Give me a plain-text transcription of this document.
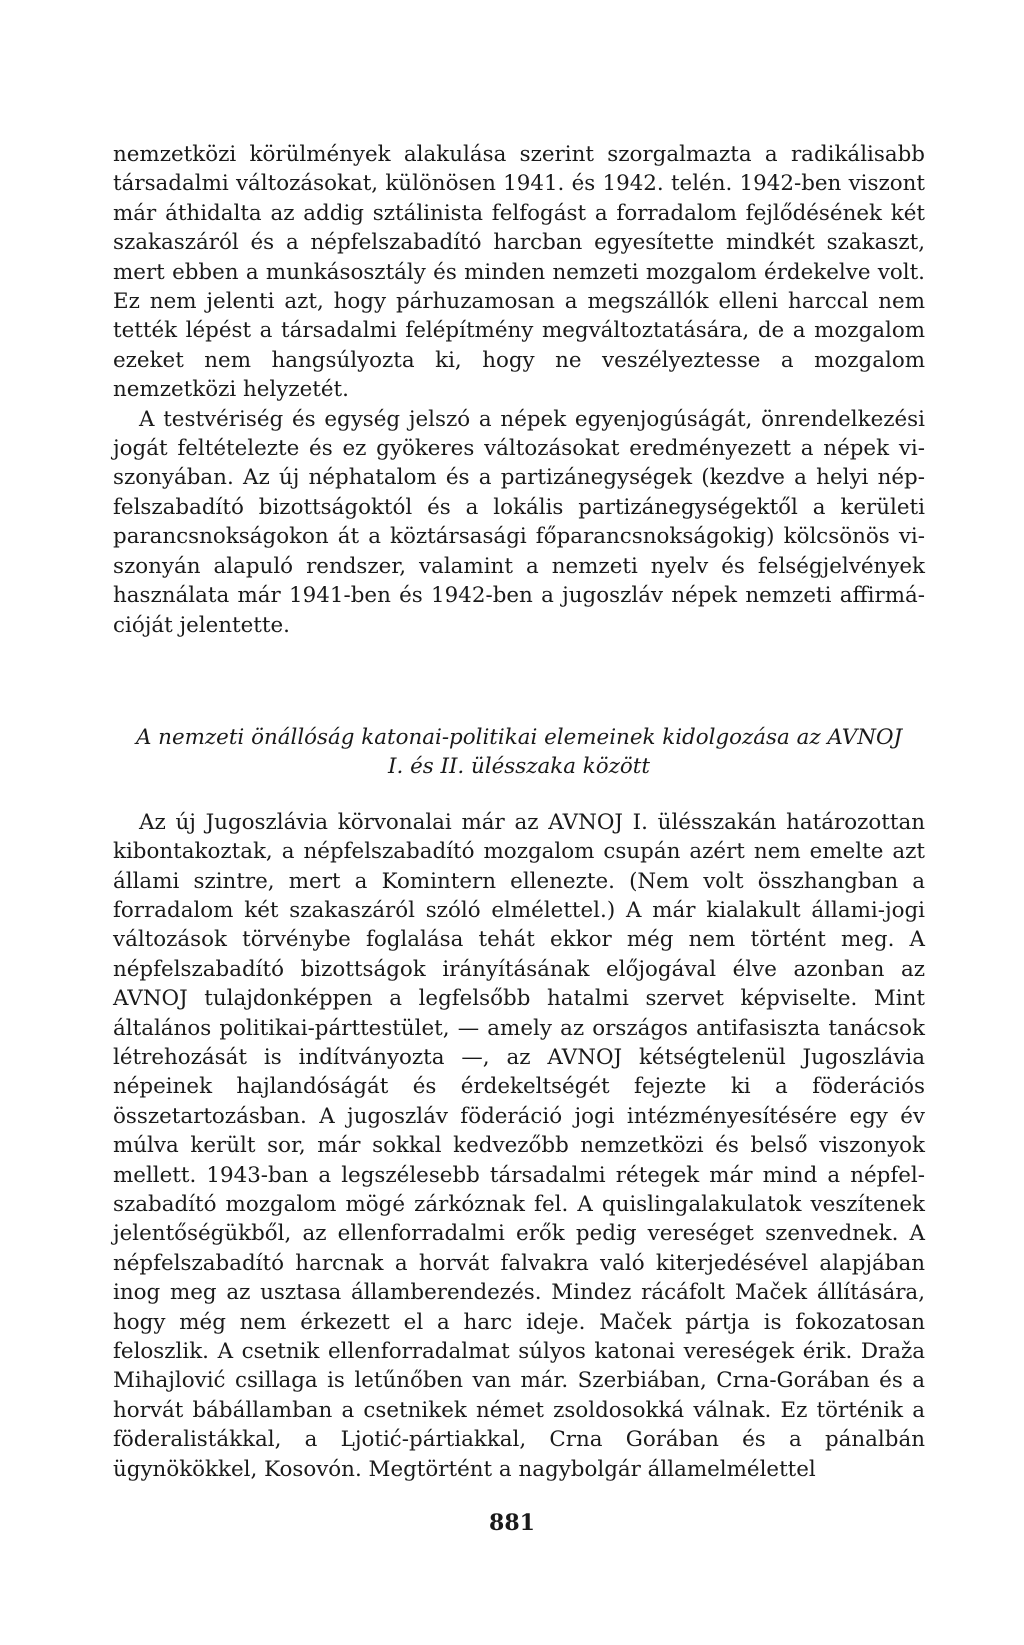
nemzetközi körülmények alakulása szerint szorgalmazta a radikálisabb társadalmi változásokat, különösen 1941. és 1942. telén. 1942-ben viszont már áthidalta az addig sztálinista felfogást a forradalom fejlődésének két szakaszáról és a népfelszabadító harcban egyesítette mindkét szakaszt, mert ebben a munkásosztály és minden nemzeti mozgalom érdekelve volt. Ez nem jelenti azt, hogy párhuzamosan a megszállók elleni harccal nem tették lépést a társadalmi felépítmény megváltoztatására, de a mozgalom ezeket nem hangsúlyozta ki, hogy ne veszélyeztesse a mozgalom nemzetközi helyzetét.

A testvériség és egység jelszó a népek egyenjogúságát, önrendelkezési jogát feltételezte és ez gyökeres változásokat eredményezett a népek viszonyában. Az új néphatalom és a partizánegységek (kezdve a helyi népfelszabadító bizottságoktól és a lokális partizánegységektől a kerületi parancsnokságokon át a köztársasági főparancsnokságokig) kölcsönös viszonyán alapuló rendszer, valamint a nemzeti nyelv és felségjelvények használata már 1941-ben és 1942-ben a jugoszláv népek nemzeti affirmációját jelentette.

A nemzeti önállóság katonai-politikai elemeinek kidolgozása az AVNOJ
I. és II. ülésszaka között

Az új Jugoszlávia körvonalai már az AVNOJ I. ülésszakán határozottan kibontakoztak, a népfelszabadító mozgalom csupán azért nem emelte azt állami szintre, mert a Komintern ellenezte. (Nem volt összhangban a forradalom két szakaszáról szóló elmélettel.) A már kialakult állami-jogi változások törvénybe foglalása tehát ekkor még nem történt meg. A népfelszabadító bizottságok irányításának előjogával élve azonban az AVNOJ tulajdonképpen a legfelsőbb hatalmi szervet képviselte. Mint általános politikai-párttestület, — amely az országos antifasiszta tanácsok létrehozását is indítványozta —, az AVNOJ kétségtelenül Jugoszlávia népeinek hajlandóságát és érdekeltségét fejezte ki a föderációs összetartozásban. A jugoszláv föderáció jogi intézményesítésére egy év múlva került sor, már sokkal kedvezőbb nemzetközi és belső viszonyok mellett. 1943-ban a legszélesebb társadalmi rétegek már mind a népfelszabadító mozgalom mögé zárkóznak fel. A quislingalakulatok veszítenek jelentőségükből, az ellenforradalmi erők pedig vereséget szenvednek. A népfelszabadító harcnak a horvát falvakra való kiterjedésével alapjában inog meg az usztasa államberendezés. Mindez rácáfolt Maček állítására, hogy még nem érkezett el a harc ideje. Maček pártja is fokozatosan feloszlik. A csetnik ellenforradalmat súlyos katonai vereségek érik. Draža Mihajlović csillaga is letűnőben van már. Szerbiában, Crna-Gorában és a horvát bábállamban a csetnikek német zsoldosokká válnak. Ez történik a föderalistákkal, a Ljotić-pártiakkal, Crna Gorában és a pánalbán ügynökökkel, Kosovón. Megtörtént a nagybolgár államelmélettel

881
